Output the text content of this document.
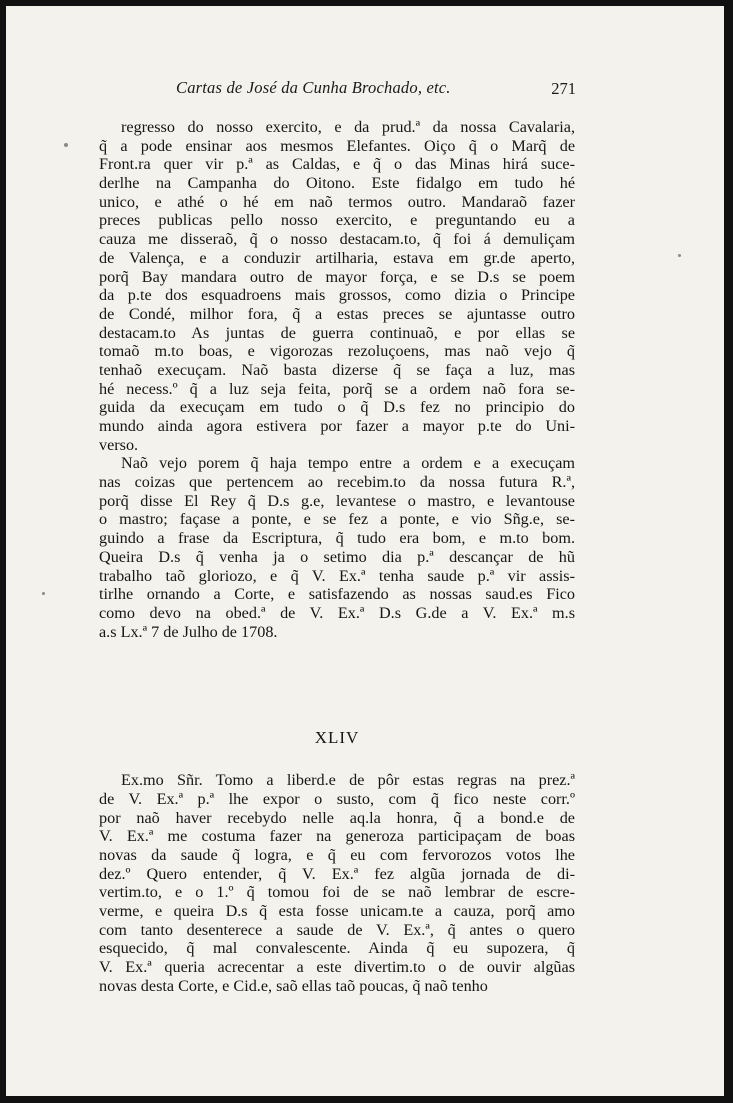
Cartas de José da Cunha Brochado, etc.	271
regresso do nosso exercito, e da prud.ª da nossa Cavalaria,
q̃ a pode ensinar aos mesmos Elefantes. Oiço q̃ o Marq̃ de
Front.ra quer vir p.ª as Caldas, e q̃ o das Minas hirá suce-
derlhe na Campanha do Oitono. Este fidalgo em tudo hé
unico, e athé o hé em naõ termos outro. Mandaraõ fazer
preces publicas pello nosso exercito, e preguntando eu a
cauza me disseraõ, q̃ o nosso destacam.to, q̃ foi á demuliçam
de Valença, e a conduzir artilharia, estava em gr.de aperto,
porq̃ Bay mandara outro de mayor força, e se D.s se poem
da p.te dos esquadroens mais grossos, como dizia o Principe
de Condé, milhor fora, q̃ a estas preces se ajuntasse outro
destacam.to As juntas de guerra continuaõ, e por ellas se
tomaõ m.to boas, e vigorozas rezoluçoens, mas naõ vejo q̃
tenhaõ execuçam. Naõ basta dizerse q̃ se faça a luz, mas
hé necess.º q̃ a luz seja feita, porq̃ se a ordem naõ fora se-
guida da execuçam em tudo o q̃ D.s fez no principio do
mundo ainda agora estivera por fazer a mayor p.te do Uni-
verso.
Naõ vejo porem q̃ haja tempo entre a ordem e a execuçam
nas coizas que pertencem ao recebim.to da nossa futura R.ª,
porq̃ disse El Rey q̃ D.s g.e, levantese o mastro, e levantouse
o mastro; façase a ponte, e se fez a ponte, e vio Sñg.e, se-
guindo a frase da Escriptura, q̃ tudo era bom, e m.to bom.
Queira D.s q̃ venha ja o setimo dia p.ª descançar de hũ
trabalho taõ gloriozo, e q̃ V. Ex.ª tenha saude p.ª vir assis-
tirlhe ornando a Corte, e satisfazendo as nossas saud.es Fico
como devo na obed.ª de V. Ex.ª D.s G.de a V. Ex.ª m.s
a.s Lx.ª 7 de Julho de 1708.
XLIV
Ex.mo Sñr. Tomo a liberd.e de pôr estas regras na prez.ª
de V. Ex.ª p.ª lhe expor o susto, com q̃ fico neste corr.º
por naõ haver recebydo nelle aq.la honra, q̃ a bond.e de
V. Ex.ª me costuma fazer na generoza participaçam de boas
novas da saude q̃ logra, e q̃ eu com fervorozos votos lhe
dez.º Quero entender, q̃ V. Ex.ª fez algũa jornada de di-
vertim.to, e o 1.º q̃ tomou foi de se naõ lembrar de escre-
verme, e queira D.s q̃ esta fosse unicam.te a cauza, porq̃ amo
com tanto desenterece a saude de V. Ex.ª, q̃ antes o quero
esquecido, q̃ mal convalescente. Ainda q̃ eu supozera, q̃
V. Ex.ª queria acrecentar a este divertim.to o de ouvir algũas
novas desta Corte, e Cid.e, saõ ellas taõ poucas, q̃ naõ tenho
